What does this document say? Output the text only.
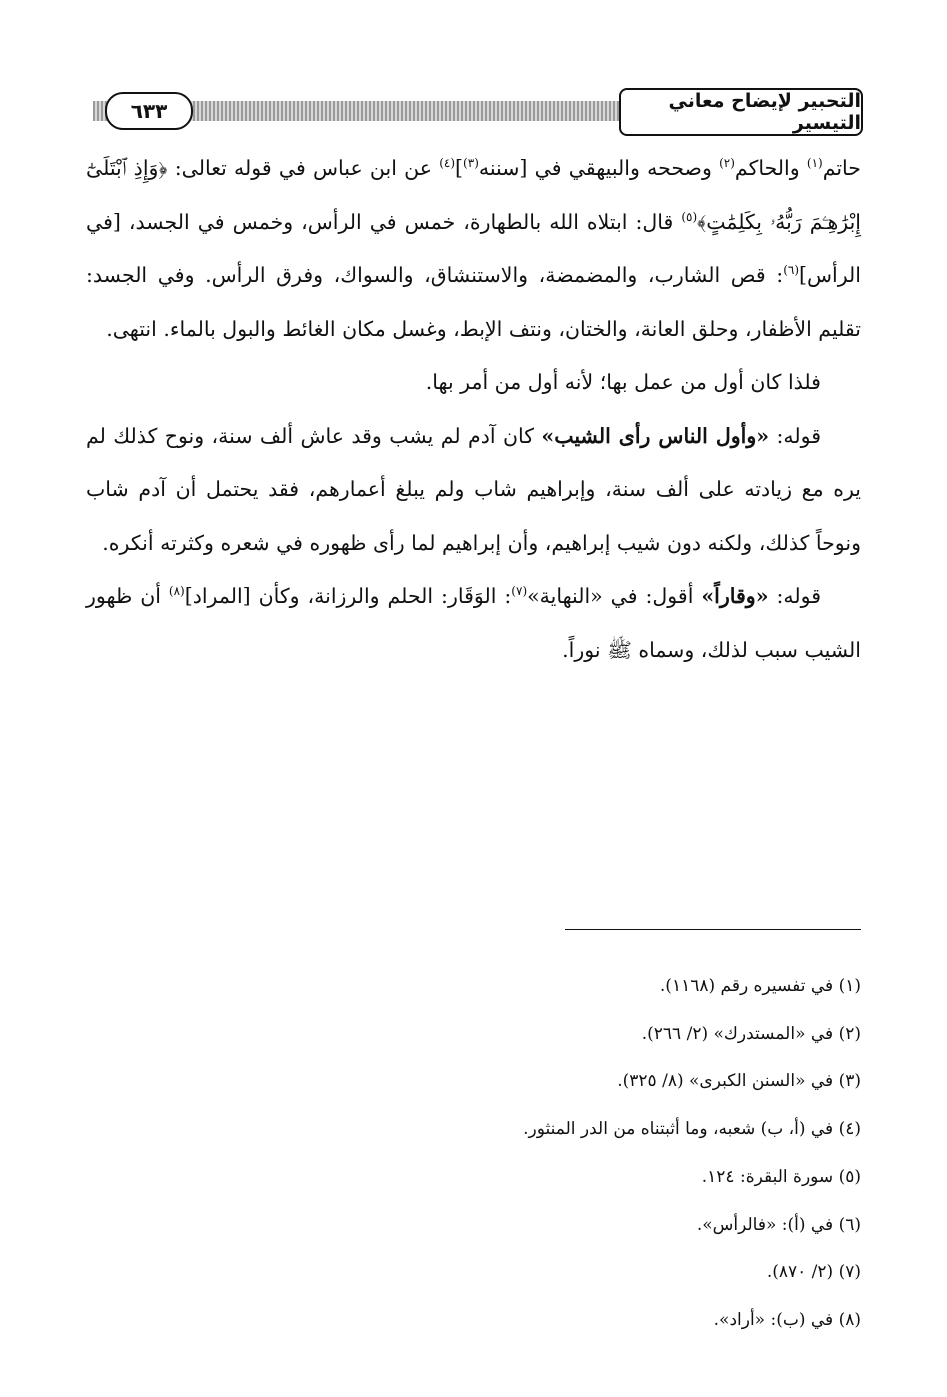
التحبير لإيضاح معاني التيسير
٦٣٣

حاتم$^{(١)}$ والحاكم$^{(٢)}$ وصححه والبيهقي في [سننه$^{(٣)}$]$^{(٤)}$ عن ابن عباس في قوله تعالى: ﴿وَإِذِ ٱبْتَلَىٰٓ إِبْرَٰهِـۧمَ رَبُّهُۥ بِكَلِمَٰتٍ﴾$^{(٥)}$ قال: ابتلاه الله بالطهارة، خمس في الرأس، وخمس في الجسد، [في الرأس]$^{(٦)}$: قص الشارب، والمضمضة، والاستنشاق، والسواك، وفرق الرأس. وفي الجسد: تقليم الأظفار، وحلق العانة، والختان، ونتف الإبط، وغسل مكان الغائط والبول بالماء. انتهى.

فلذا كان أول من عمل بها؛ لأنه أول من أمر بها.

قوله: «وأول الناس رأى الشيب» كان آدم لم يشب وقد عاش ألف سنة، ونوح كذلك لم يره مع زيادته على ألف سنة، وإبراهيم شاب ولم يبلغ أعمارهم، فقد يحتمل أن آدم شاب ونوحاً كذلك، ولكنه دون شيب إبراهيم، وأن إبراهيم لما رأى ظهوره في شعره وكثرته أنكره.

قوله: «وقاراً» أقول: في «النهاية»$^{(٧)}$: الوَقَار: الحلم والرزانة، وكأن [المراد]$^{(٨)}$ أن ظهور الشيب سبب لذلك، وسماه ﷺ نوراً.

(١) في تفسيره رقم (١١٦٨).
(٢) في «المستدرك» (٢/ ٢٦٦).
(٣) في «السنن الكبرى» (٨/ ٣٢٥).
(٤) في (أ، ب) شعبه، وما أثبتناه من الدر المنثور.
(٥) سورة البقرة: ١٢٤.
(٦) في (أ): «فالرأس».
(٧) (٢/ ٨٧٠).
(٨) في (ب): «أراد».
